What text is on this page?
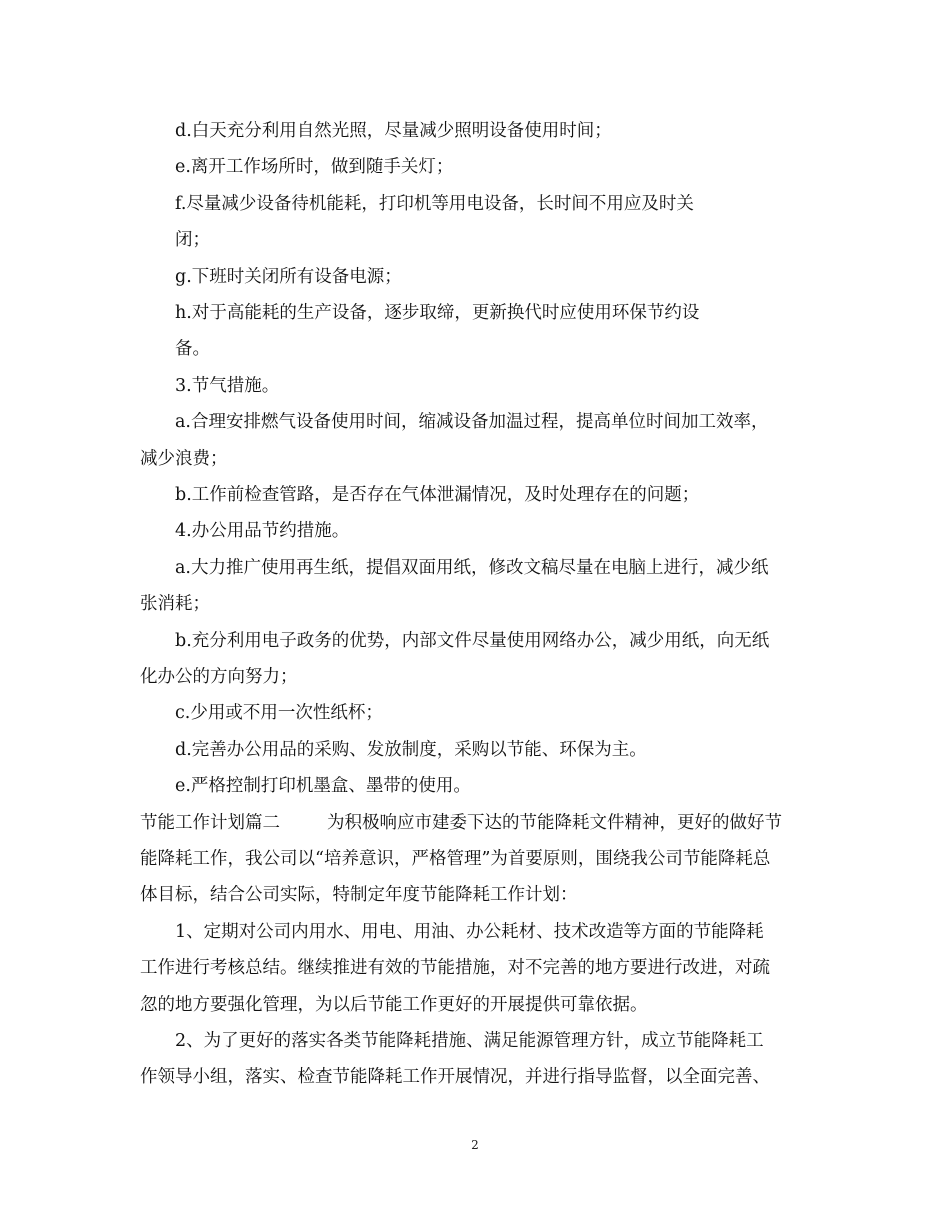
d.白天充分利用自然光照，尽量减少照明设备使用时间；
e.离开工作场所时，做到随手关灯；
f.尽量减少设备待机能耗，打印机等用电设备，长时间不用应及时关
闭；
g.下班时关闭所有设备电源；
h.对于高能耗的生产设备，逐步取缔，更新换代时应使用环保节约设
备。
3.节气措施。
a.合理安排燃气设备使用时间，缩减设备加温过程，提高单位时间加工效率，
减少浪费；
b.工作前检查管路，是否存在气体泄漏情况，及时处理存在的问题；
4.办公用品节约措施。
a.大力推广使用再生纸，提倡双面用纸，修改文稿尽量在电脑上进行，减少纸
张消耗；
b.充分利用电子政务的优势，内部文件尽量使用网络办公，减少用纸，向无纸
化办公的方向努力；
c.少用或不用一次性纸杯；
d.完善办公用品的采购、发放制度，采购以节能、环保为主。
e.严格控制打印机墨盒、墨带的使用。
节能工作计划篇二	为积极响应市建委下达的节能降耗文件精神，更好的做好节
能降耗工作，我公司以“培养意识，严格管理”为首要原则，围绕我公司节能降耗总
体目标，结合公司实际，特制定年度节能降耗工作计划：
1、定期对公司内用水、用电、用油、办公耗材、技术改造等方面的节能降耗
工作进行考核总结。继续推进有效的节能措施，对不完善的地方要进行改进，对疏
忽的地方要强化管理，为以后节能工作更好的开展提供可靠依据。
2、为了更好的落实各类节能降耗措施、满足能源管理方针，成立节能降耗工
作领导小组，落实、检查节能降耗工作开展情况，并进行指导监督，以全面完善、
2
